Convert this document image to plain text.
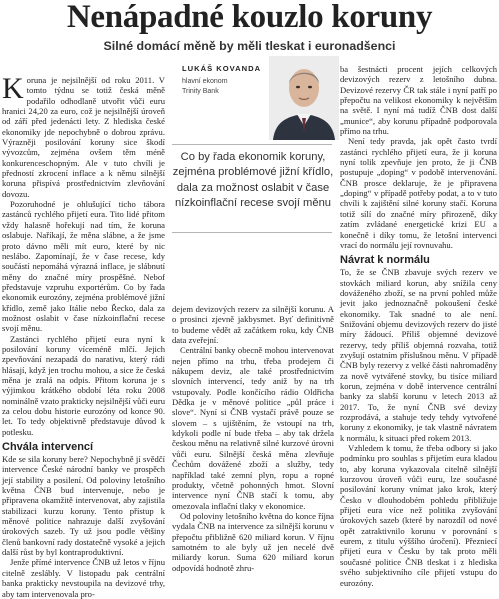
Nenápadné kouzlo koruny
Silné domácí měně by měli tleskat i euronadšenci

Koruna je nejsilnější od roku 2011. V tomto týdnu se totiž česká měně podařilo odhodlaně utvořit vůči euru hranici 24,20 za euro, což je nejsilnější úroveň od září před jedenácti lety. Z hlediska české ekonomiky jde nepochybně o dobrou zprávu. Výrazněji posilování koruny sice škodí vývozcům, zejména ovšem těm méně konkurenceschopným. Ale v tuto chvíli je předností zkrocení inflace a k němu silnější koruna přispívá prostřednictvím zlevňování dovozu.

Pozoruhodné je ohlušující ticho tábora zastánců rychlého přijetí eura. Tito lidé přitom vždy halasně hořekují nad tím, že koruna oslabuje. Naříkají, že měna slábne, a že jsme proto dávno měli mít euro, které by nic neslábo. Zapomínají, že v čase recese, kdy součástí nepomáhá výrazná inflace, je slábnutí měny do značné míry prospěšné. Nebof představuje vzpruhu exportérům. Co by řada ekonomik eurozóny, zejména problémové jižní křídlo, země jako Itálie nebo Řecko, dala za možnost oslabit v čase nízkoinflační recese svojí měnu.

Zastánci rychlého přijetí eura nyní k posilování koruny víceméně mlčí. Jejich zpevňování nezapadá do narativu, který rádi hlásají, když jen trochu mohou, a sice že česká měna je zralá na odpis. Přitom koruna je s výjimkou krátkého období léta roku 2008 nominálně vzato prakticky nejsilnější vůči euru za celou dobu historie eurozóny od konce 90. let. To tedy objektivně představuje důvod k potlesku.

Chvála intervencí

Kde se sila koruny bere? Nepochybně jí svědčí intervence České národní banky ve prospěch její stability a posilení. Od poloviny letošního května ČNB bud intervenuje, nebo je připravena okamžitě intervenovat, aby zajistila stabilizaci kurzu koruny. Tento přístup k měnové politice nahrazuje další zvyšování úrokových sazeb. Ty už jsou podle většiny členů bankovní rady dostatečně vysoké a jejich další růst by byl kontraproduktivní.

Jenže přímé intervence ČNB už letos v říjnu citelně zeslábly. V listopadu pak centrální banka prakticky nevstoupila na devizové trhy, aby tam intervenovala pro-

LUKÁŠ KOVANDA
hlavní ekonom
Trinity Bank
Co by řada ekonomik koruny, zejména problémové jižní křídlo, dala za možnost oslabit v čase nízkoinflační recese svojí měnu

dejem devizových rezerv za silnější korunu. A o prosinci zjevně jakbysmet. Byť definitivně to budeme vědět až začátkem roku, kdy ČNB data zveřejní.

Centrální banky obecně mohou intervenovat nejen přímo na trhu, třeba prodejem či nákupem deviz, ale také prostřednictvím slovních intervencí, tedy aniž by na trh vstupovaly. Podle končícího rádio Oldřicha Dědka je v měnové politice „půl práce i slove“. Nyní si ČNB vystačí právě pouze se slovem – s ujištěním, že vstoupí na trh, kdykoli podle ní bude třeba – aby tak držela českou měnu na relativně silné kurzové úrovni vůči euru. Silnější česká měna zlevňuje Čechům dovážené zboží a služby, tedy například také zemní plyn, ropu a ropné produkty, včetně pohonných hmot. Slovní intervence nyní ČNB stačí k tomu, aby omezovala inflační tlaky v ekonomice.

Od poloviny letošního května do konce října vydala ČNB na intervence za silnější korunu v přepočtu přibližně 620 miliard korun. V říjnu samotném to ale byly už jen necelé dvě miliardy korun. Suma 620 miliard korun odpovídá hodnotě zhru-

ba šestnácti procent jejích celkových devizových rezerv z letošního dubna. Devizové rezervy ČR tak stále i nyní patří po přepočtu na velikost ekonomiky k největším na světě. I nyní má tudíž ČNB dost další „munice“, aby korunu případně podporovala přímo na trhu.

Není tedy pravda, jak opět často tvrdí zastánci rychlého přijetí eura, že ji koruna nyní tolik zpevňuje jen proto, že ji ČNB postupuje „doping“ v podobě intervenování. ČNB prosce deklaruje, že je připravena „doping“ v případě potřeby podat, a to v tuto chvíli k zajištění silné koruny stačí. Koruna totiž sílí do značné míry přirozeně, díky zatím zvládané energetické krizi EU a konečně i díky tomu, že letošní intervenci vrací do normálu její rovnuvahu.

Návrat k normálu

To, že se ČNB zbavuje svých rezerv ve stovkách miliard korun, aby snížila ceny dováženého zboží, se na první pohled může jevit jako jednoznačně pokoušení české ekonomiky. Tak snadné to ale není. Snižování objemu devizových rezerv do jisté míry žádoucí. Příliš objemné devizové rezervy, tedy příliš objemná rozvaha, totiž zvyšují ostatním příslušnou měnu. V případě ČNB byly rezervy z velké části nahromaděny za nově vytvářené stovky, bu tisíce miliard korun, zejména v době intervence centrální banky za slabší korunu v letech 2013 až 2017. To, že nyní ČNB své devizy rozprodává, a stahuje tedy tehdy vytvořené koruny z ekonomiky, je tak vlastně návratem k normálu, k situaci před rokem 2013.

Vzhledem k tomu, že třeba odbory si jako podmínku pro souhlas s přijetím eura kladou to, aby koruna vykazovala citelně silnější kurzovou úroveň vůči euru, lze současné posilování koruny vnímat jako krok, který Česko v dlouhodobém pohledu přibližuje přijetí eura více než politika zvyšování úrokových sazeb (které by narozdíl od nové opět zatraktivnilo korunu v porovnání s eurem, z titulu výššího úročení). Přezniecí přijetí eura v Česku by tak proto měli současné politice ČNB tleskat i z hlediska svého subjektivního cíle přijetí vstupu do eurozóny.
